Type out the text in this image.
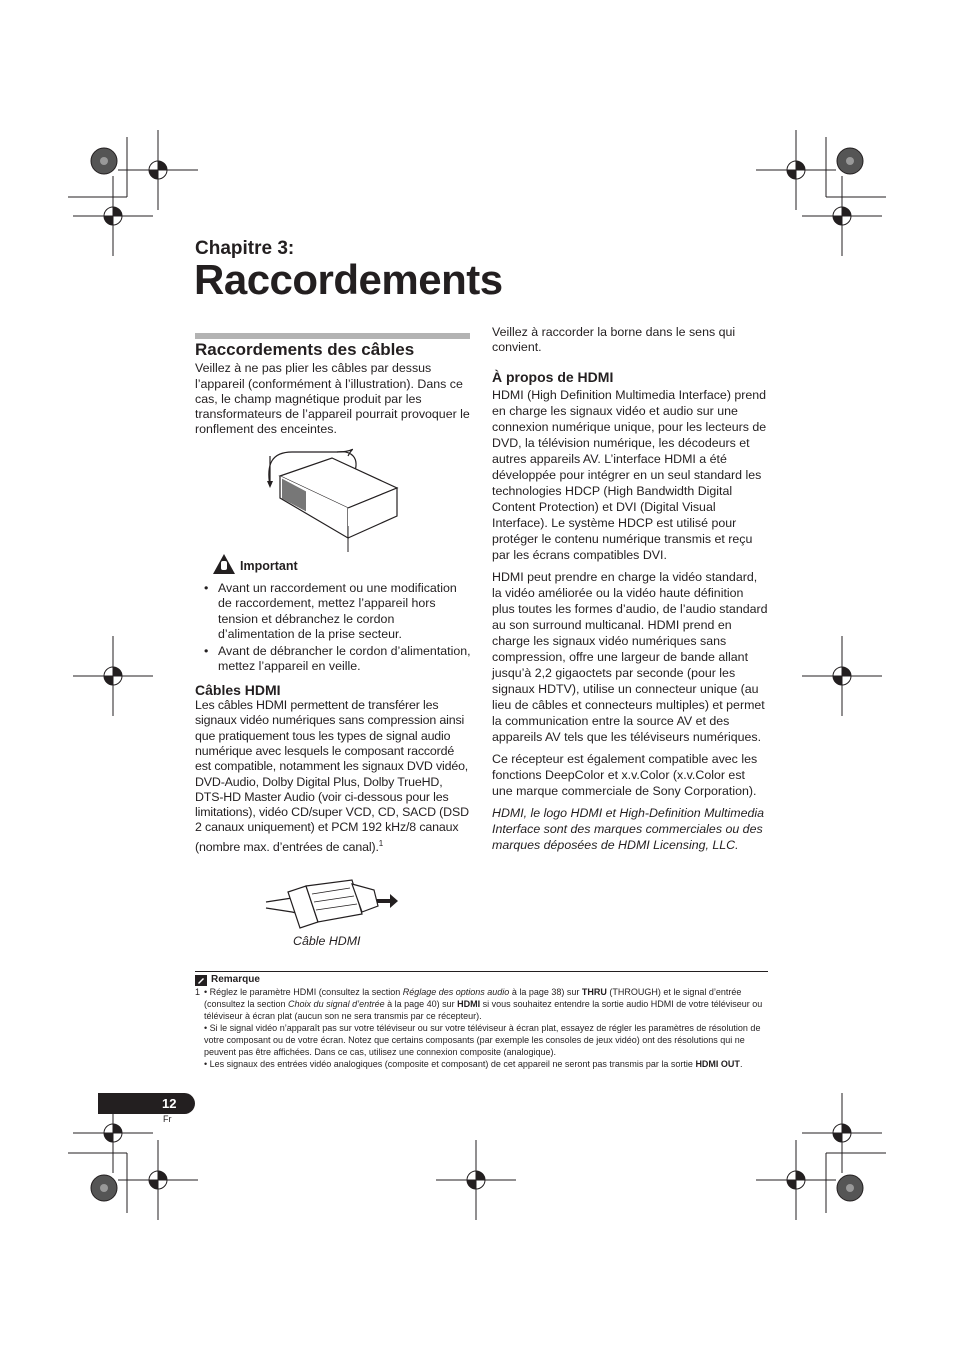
Chapitre 3:
Raccordements
Raccordements des câbles

Veillez à ne pas plier les câbles par dessus l’appareil (conformément à l’illustration). Dans ce cas, le champ magnétique produit par les transformateurs de l’appareil pourrait provoquer le ronflement des enceintes.

Important
• Avant un raccordement ou une modification de raccordement, mettez l’appareil hors tension et débranchez le cordon d’alimentation de la prise secteur.
• Avant de débrancher le cordon d’alimentation, mettez l’appareil en veille.
Câbles HDMI

Les câbles HDMI permettent de transférer les signaux vidéo numériques sans compression ainsi que pratiquement tous les types de signal audio numérique avec lesquels le composant raccordé est compatible, notamment les signaux DVD vidéo, DVD-Audio, Dolby Digital Plus, Dolby TrueHD, DTS-HD Master Audio (voir ci-dessous pour les limitations), vidéo CD/super VCD, CD, SACD (DSD 2 canaux uniquement) et PCM 192 kHz/8 canaux (nombre max. d’entrées de canal).$^1$

Câble HDMI

Veillez à raccorder la borne dans le sens qui convient.

À propos de HDMI

HDMI (High Definition Multimedia Interface) prend en charge les signaux vidéo et audio sur une connexion numérique unique, pour les lecteurs de DVD, la télévision numérique, les décodeurs et autres appareils AV. L’interface HDMI a été développée pour intégrer en un seul standard les technologies HDCP (High Bandwidth Digital Content Protection) et DVI (Digital Visual Interface). Le système HDCP est utilisé pour protéger le contenu numérique transmis et reçu par les écrans compatibles DVI.

HDMI peut prendre en charge la vidéo standard, la vidéo améliorée ou la vidéo haute définition plus toutes les formes d’audio, de l’audio standard au son surround multicanal. HDMI prend en charge les signaux vidéo numériques sans compression, offre une largeur de bande allant jusqu’à 2,2 gigaoctets par seconde (pour les signaux HDTV), utilise un connecteur unique (au lieu de câbles et connecteurs multiples) et permet la communication entre la source AV et des appareils AV tels que les téléviseurs numériques.

Ce récepteur est également compatible avec les fonctions DeepColor et x.v.Color (x.v.Color est une marque commerciale de Sony Corporation).

HDMI, le logo HDMI et High-Definition Multimedia Interface sont des marques commerciales ou des marques déposées de HDMI Licensing, LLC.

Remarque
1 • Réglez le paramètre HDMI (consultez la section Réglage des options audio à la page 38) sur THRU (THROUGH) et le signal d’entrée (consultez la section Choix du signal d’entrée à la page 40) sur HDMI si vous souhaitez entendre la sortie audio HDMI de votre téléviseur ou téléviseur à écran plat (aucun son ne sera transmis par ce récepteur).

• Si le signal vidéo n’apparaît pas sur votre téléviseur ou sur votre téléviseur à écran plat, essayez de régler les paramètres de résolution de votre composant ou de votre écran. Notez que certains composants (par exemple les consoles de jeux vidéo) ont des résolutions qui ne peuvent pas être affichées. Dans ce cas, utilisez une connexion composite (analogique).

• Les signaux des entrées vidéo analogiques (composite et composant) de cet appareil ne seront pas transmis par la sortie HDMI OUT.

12
Fr
